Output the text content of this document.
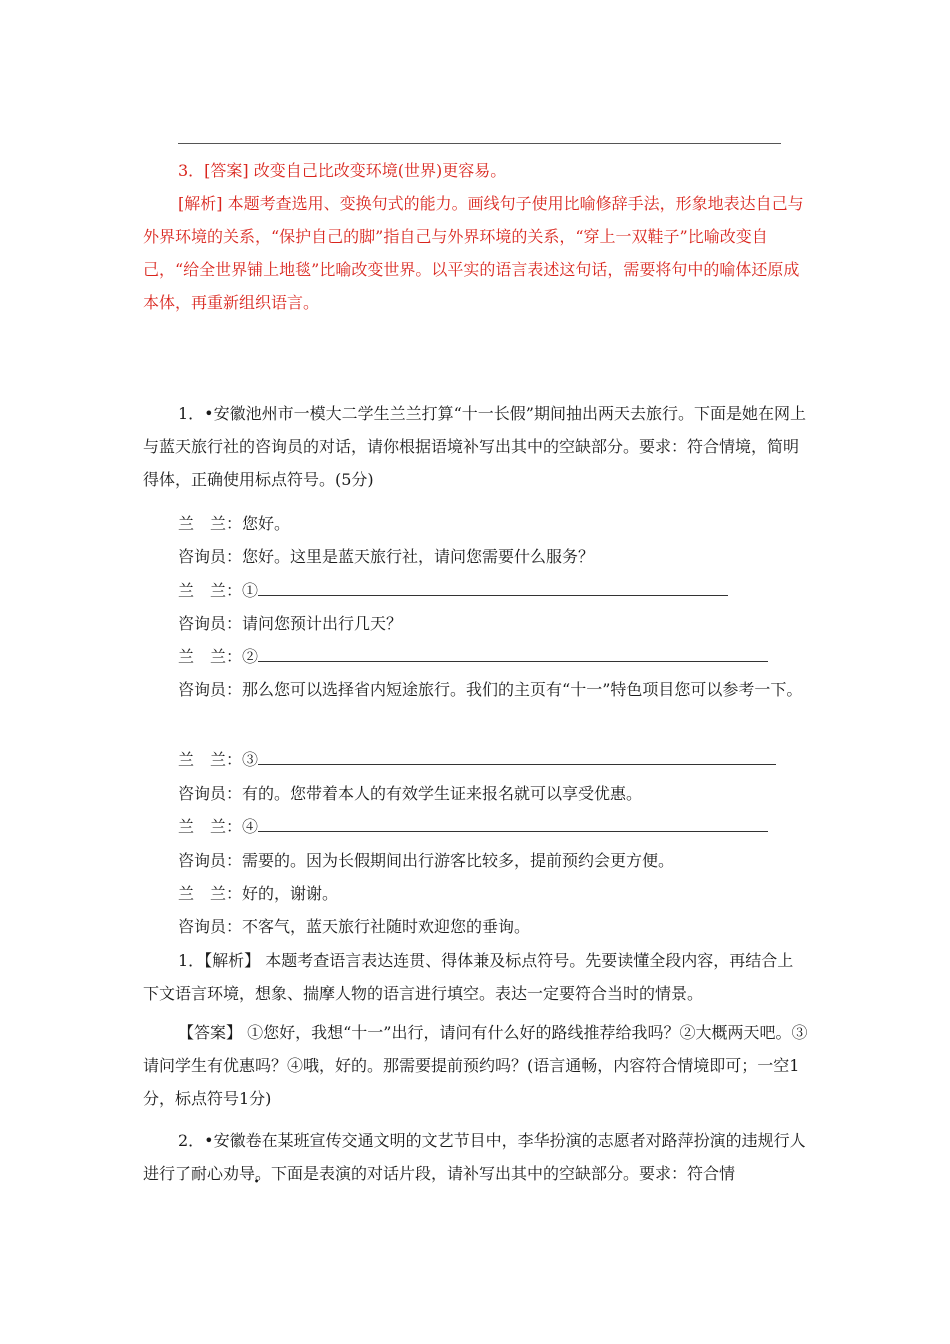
3．[答案] 改变自己比改变环境(世界)更容易。

[解析] 本题考查选用、变换句式的能力。画线句子使用比喻修辞手法，形象地表达自己与外界环境的关系，“保护自己的脚”指自己与外界环境的关系，“穿上一双鞋子”比喻改变自己，“给全世界铺上地毯”比喻改变世界。以平实的语言表述这句话，需要将句中的喻体还原成本体，再重新组织语言。

1．•安徽池州市一模大二学生兰兰打算“十一长假”期间抽出两天去旅行。下面是她在网上与蓝天旅行社的咨询员的对话，请你根据语境补写出其中的空缺部分。要求：符合情境，简明得体，正确使用标点符号。(5分)

兰　兰：您好。
咨询员：您好。这里是蓝天旅行社，请问您需要什么服务？
兰　兰：①
咨询员：请问您预计出行几天？
兰　兰：②

咨询员：那么您可以选择省内短途旅行。我们的主页有“十一”特色项目您可以参考一下。

兰　兰：③
咨询员：有的。您带着本人的有效学生证来报名就可以享受优惠。
兰　兰：④
咨询员：需要的。因为长假期间出行游客比较多，提前预约会更方便。
兰　兰：好的，谢谢。
咨询员：不客气，蓝天旅行社随时欢迎您的垂询。

1．【解析】 本题考查语言表达连贯、得体兼及标点符号。先要读懂全段内容，再结合上下文语言环境，想象、揣摩人物的语言进行填空。表达一定要符合当时的情景。

【答案】 ①您好，我想“十一”出行，请问有什么好的路线推荐给我吗？②大概两天吧。③请问学生有优惠吗？④哦，好的。那需要提前预约吗？(语言通畅，内容符合情境即可；一空1分，标点符号1分)

2．•安徽卷在某班宣传交通文明的文艺节目中，李华扮演的志愿者对路萍扮演的违规行人进行了耐心劝导。下面是表演的对话片段，请补写出其中的空缺部分。要求：符合情
